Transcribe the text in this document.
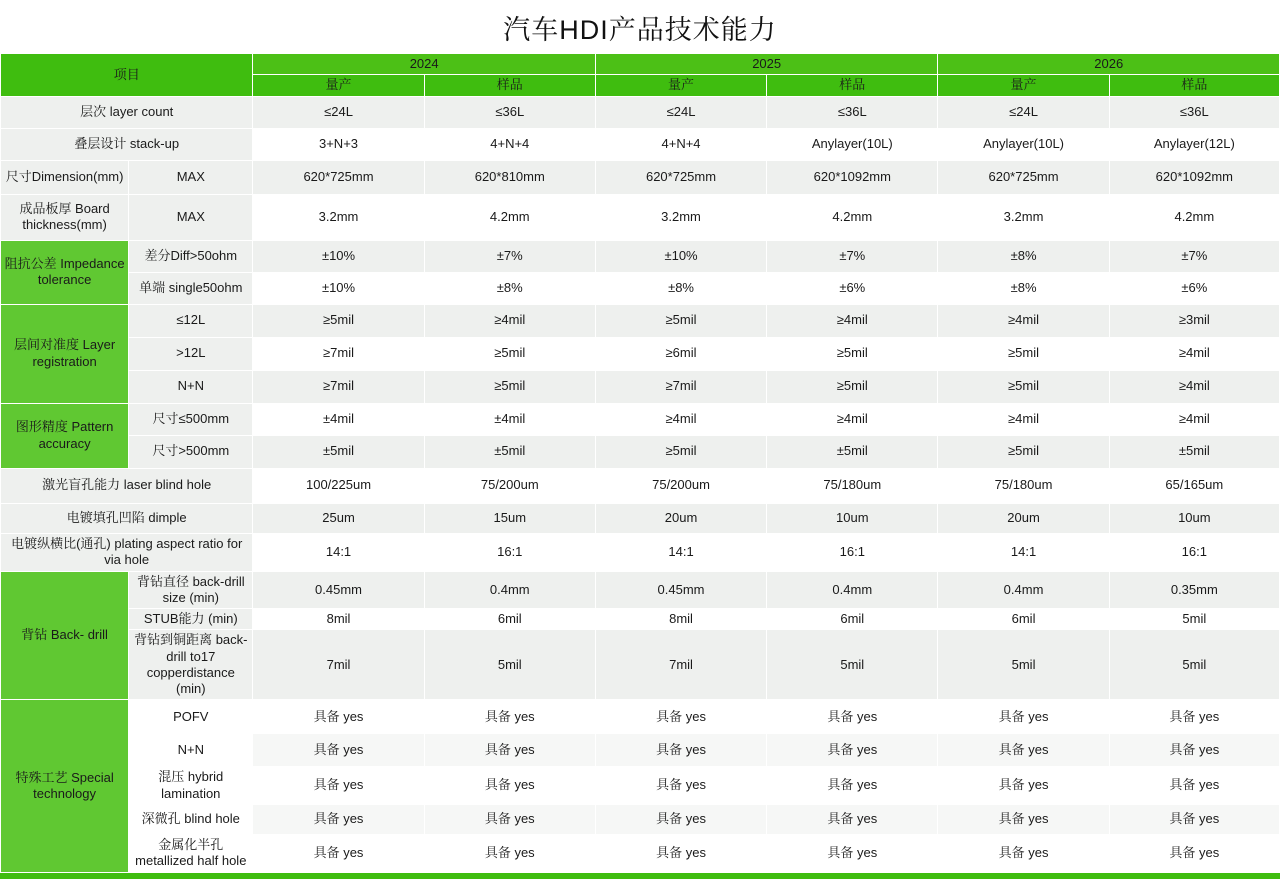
汽车HDI产品技术能力
项目		2024		2025		2026	
		量产	样品	量产	样品	量产	样品
层次 layer count		≤24L	≤36L	≤24L	≤36L	≤24L	≤36L
叠层设计 stack-up		3+N+3	4+N+4	4+N+4	Anylayer(10L)	Anylayer(10L)	Anylayer(12L)
尺寸Dimension(mm)	MAX	620*725mm	620*810mm	620*725mm	620*1092mm	620*725mm	620*1092mm
成品板厚 Board thickness(mm)	MAX	3.2mm	4.2mm	3.2mm	4.2mm	3.2mm	4.2mm
阻抗公差 Impedance tolerance	差分Diff>50ohm	±10%	±7%	±10%	±7%	±8%	±7%
	单端 single50ohm	±10%	±8%	±8%	±6%	±8%	±6%
层间对准度 Layer registration	≤12L	≥5mil	≥4mil	≥5mil	≥4mil	≥4mil	≥3mil
	>12L	≥7mil	≥5mil	≥6mil	≥5mil	≥5mil	≥4mil
	N+N	≥7mil	≥5mil	≥7mil	≥5mil	≥5mil	≥4mil
图形精度 Pattern accuracy	尺寸≤500mm	±4mil	±4mil	≥4mil	≥4mil	≥4mil	≥4mil
	尺寸>500mm	±5mil	±5mil	≥5mil	±5mil	≥5mil	±5mil
激光盲孔能力 laser blind hole		100/225um	75/200um	75/200um	75/180um	75/180um	65/165um
电镀填孔凹陷 dimple		25um	15um	20um	10um	20um	10um
电镀纵横比(通孔) plating aspect ratio for via hole		14:1	16:1	14:1	16:1	14:1	16:1
背钻 Back- drill	背钻直径 back-drill size (min)	0.45mm	0.4mm	0.45mm	0.4mm	0.4mm	0.35mm
	STUB能力 (min)	8mil	6mil	8mil	6mil	6mil	5mil
	背钻到铜距离 back-drill to17 copperdistance (min)	7mil	5mil	7mil	5mil	5mil	5mil
特殊工艺 Special technology	POFV	具备 yes	具备 yes	具备 yes	具备 yes	具备 yes	具备 yes
	N+N	具备 yes	具备 yes	具备 yes	具备 yes	具备 yes	具备 yes
	混压 hybrid lamination	具备 yes	具备 yes	具备 yes	具备 yes	具备 yes	具备 yes
	深微孔 blind hole	具备 yes	具备 yes	具备 yes	具备 yes	具备 yes	具备 yes
	金属化半孔 metallized half hole	具备 yes	具备 yes	具备 yes	具备 yes	具备 yes	具备 yes
